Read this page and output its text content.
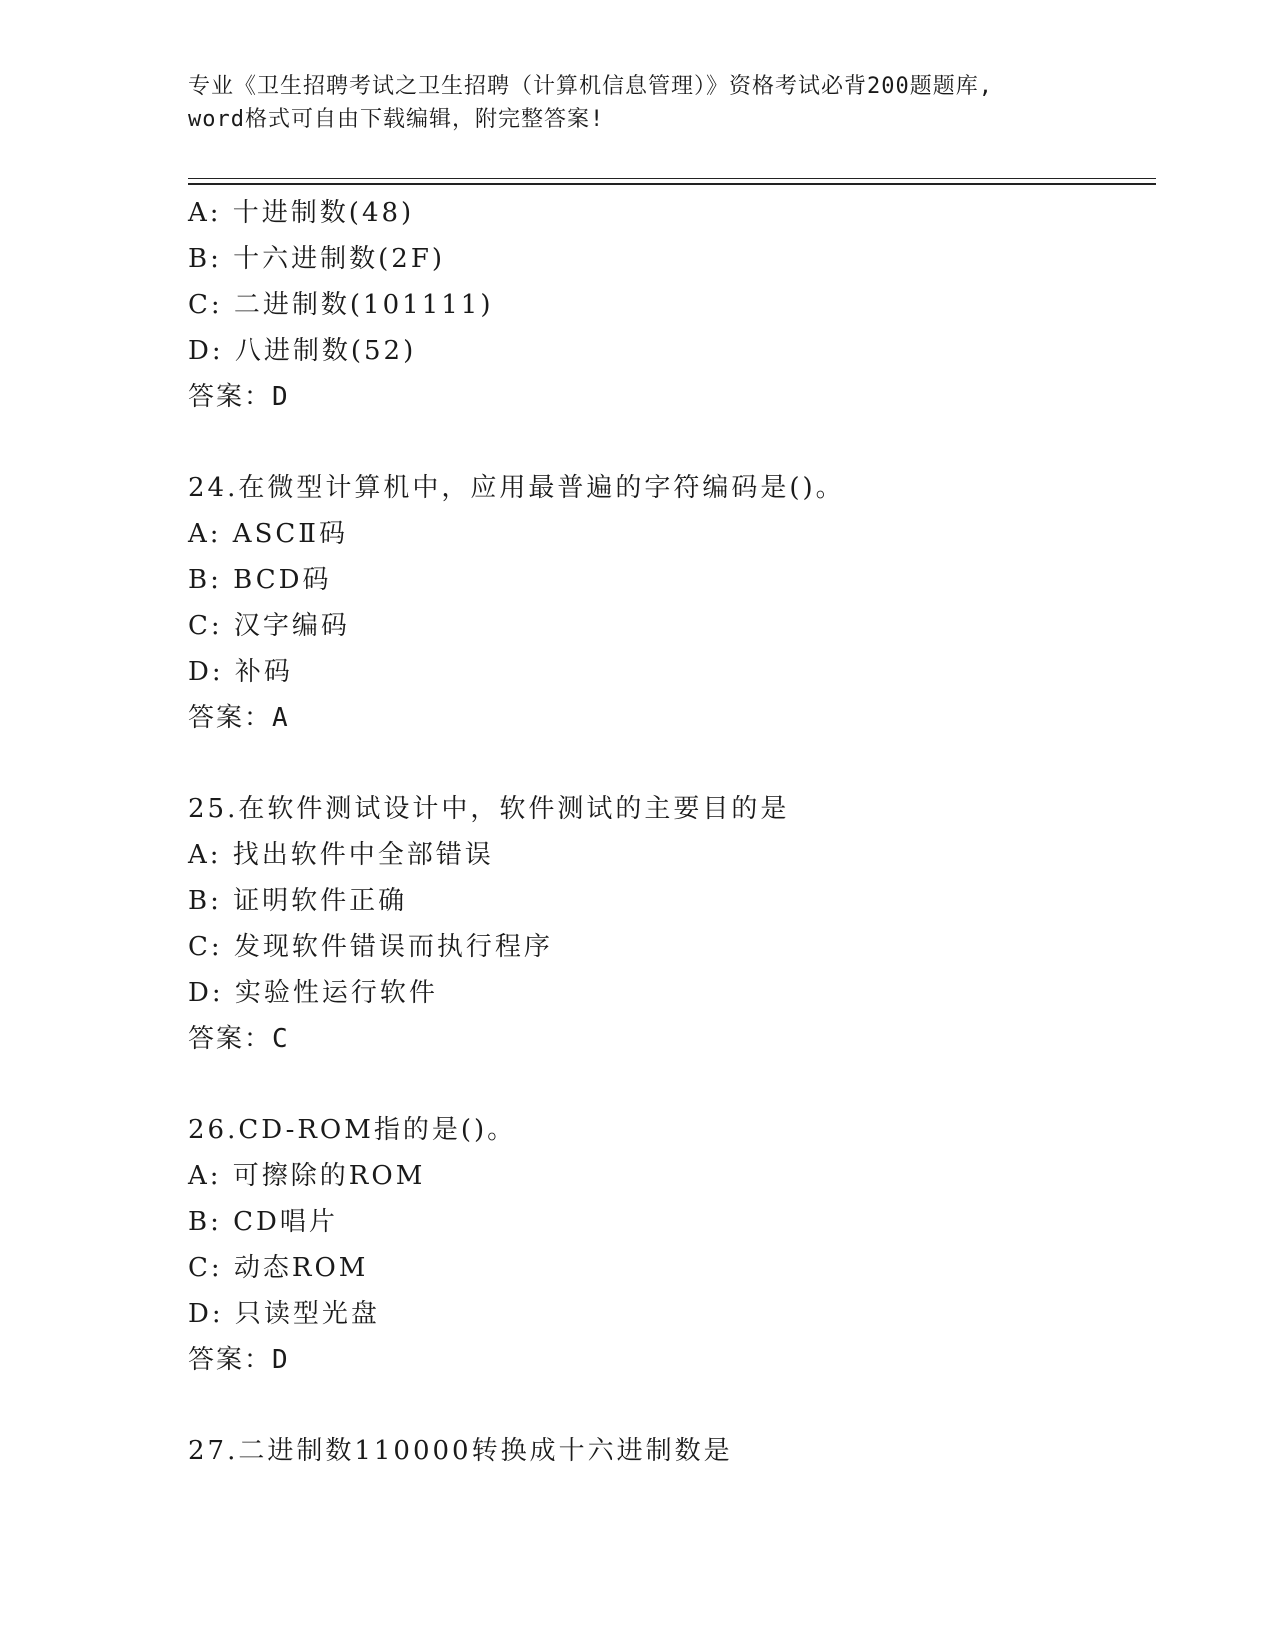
专业《卫生招聘考试之卫生招聘（计算机信息管理）》资格考试必背200题题库,
word格式可自由下载编辑，附完整答案!
A: 十进制数(48)
B: 十六进制数(2F)
C: 二进制数(101111)
D: 八进制数(52)
答案：D
24.在微型计算机中，应用最普遍的字符编码是()。
A: ASCⅡ码
B: BCD码
C: 汉字编码
D: 补码
答案：A
25.在软件测试设计中，软件测试的主要目的是
A: 找出软件中全部错误
B: 证明软件正确
C: 发现软件错误而执行程序
D: 实验性运行软件
答案：C
26.CD-ROM指的是()。
A: 可擦除的ROM
B: CD唱片
C: 动态ROM
D: 只读型光盘
答案：D
27.二进制数110000转换成十六进制数是
